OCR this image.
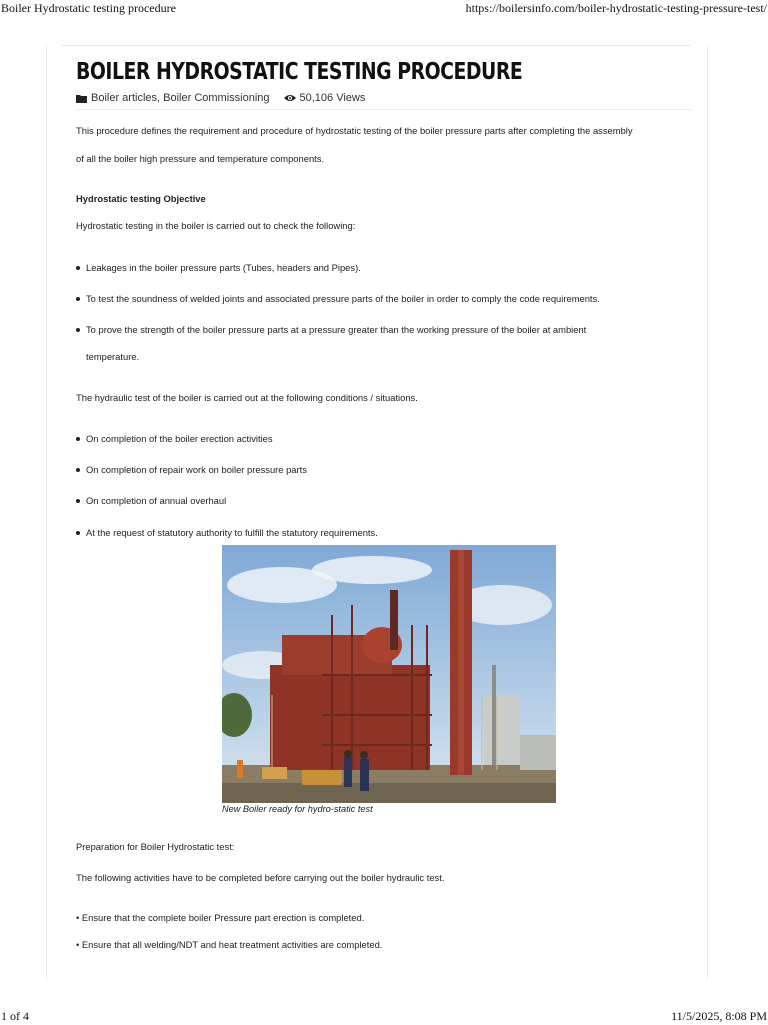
Boiler Hydrostatic testing procedure	https://boilersinfo.com/boiler-hydrostatic-testing-pressure-test/
BOILER HYDROSTATIC TESTING PROCEDURE
Boiler articles, Boiler Commissioning	50,106 Views
This procedure defines the requirement and procedure of hydrostatic testing of the boiler pressure parts after completing the assembly
of all the boiler high pressure and temperature components.
Hydrostatic testing Objective
Hydrostatic testing in the boiler is carried out to check the following:
Leakages in the boiler pressure parts (Tubes, headers and Pipes).
To test the soundness of welded joints and associated pressure parts of the boiler in order to comply the code requirements.
To prove the strength of the boiler pressure parts at a pressure greater than the working pressure of the boiler at ambient
temperature.
The hydraulic test of the boiler is carried out at the following conditions / situations.
On completion of the boiler erection activities
On completion of repair work on boiler pressure parts
On completion of annual overhaul
At the request of statutory authority to fulfill the statutory requirements.
New Boiler ready for hydro-static test
Preparation for Boiler Hydrostatic test:
The following activities have to be completed before carrying out the boiler hydraulic test.
• Ensure that the complete boiler Pressure part erection is completed.
• Ensure that all welding/NDT and heat treatment activities are completed.
1 of 4	11/5/2025, 8:08 PM
